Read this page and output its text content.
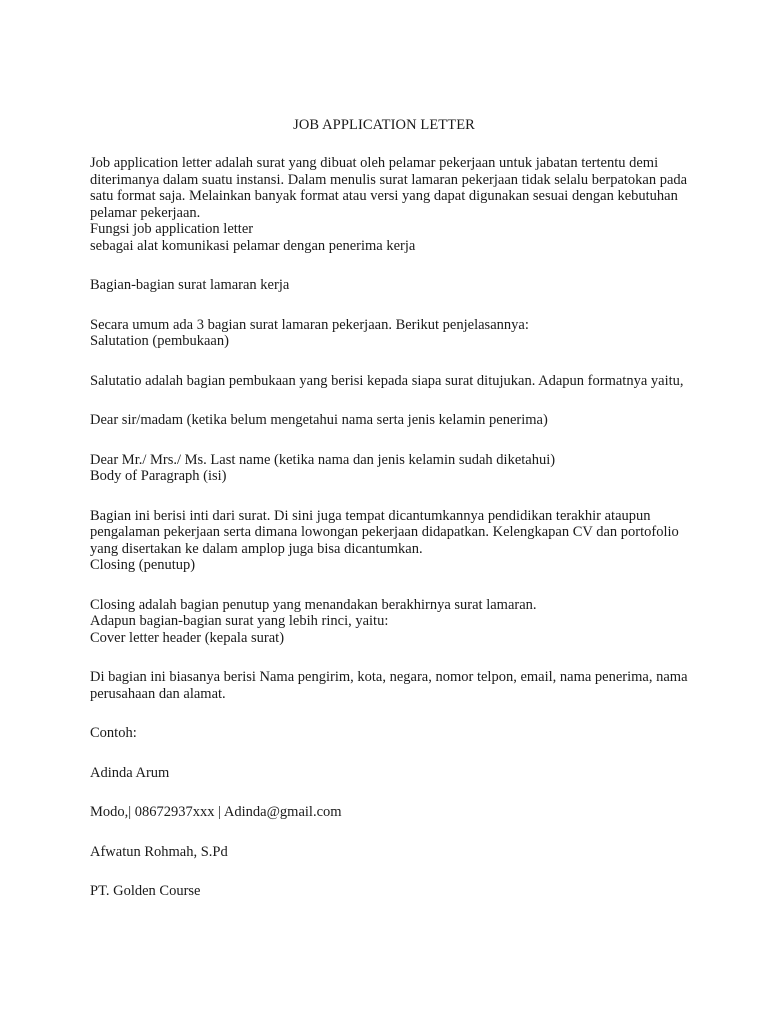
JOB APPLICATION LETTER

Job application letter adalah surat yang dibuat oleh pelamar pekerjaan untuk jabatan tertentu demi
diterimanya dalam suatu instansi. Dalam menulis surat lamaran pekerjaan tidak selalu berpatokan pada
satu format saja. Melainkan banyak format atau versi yang dapat digunakan sesuai dengan kebutuhan
pelamar pekerjaan.
Fungsi job application letter
sebagai alat komunikasi pelamar dengan penerima kerja

Bagian-bagian surat lamaran kerja

Secara umum ada 3 bagian surat lamaran pekerjaan. Berikut penjelasannya:
Salutation (pembukaan)

Salutatio adalah bagian pembukaan yang berisi kepada siapa surat ditujukan. Adapun formatnya yaitu,

Dear sir/madam (ketika belum mengetahui nama serta jenis kelamin penerima)

Dear Mr./ Mrs./ Ms. Last name (ketika nama dan jenis kelamin sudah diketahui)
Body of Paragraph (isi)

Bagian ini berisi inti dari surat. Di sini juga tempat dicantumkannya pendidikan terakhir ataupun
pengalaman pekerjaan serta dimana lowongan pekerjaan didapatkan. Kelengkapan CV dan portofolio
yang disertakan ke dalam amplop juga bisa dicantumkan.
Closing (penutup)

Closing adalah bagian penutup yang menandakan berakhirnya surat lamaran.
Adapun bagian-bagian surat yang lebih rinci, yaitu:
Cover letter header (kepala surat)

Di bagian ini biasanya berisi Nama pengirim, kota, negara, nomor telpon, email, nama penerima, nama
perusahaan dan alamat.

Contoh:

Adinda Arum

Modo,| 08672937xxx | Adinda@gmail.com

Afwatun Rohmah, S.Pd

PT. Golden Course
